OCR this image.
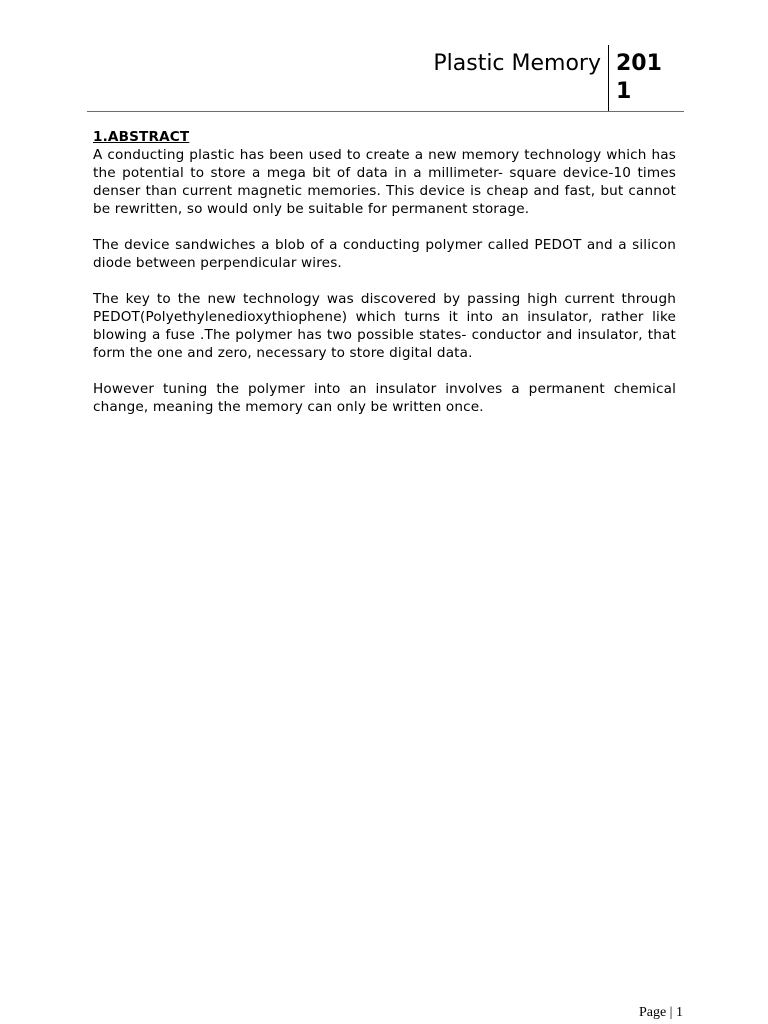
Plastic Memory 2011
1.ABSTRACT

A conducting plastic has been used to create a new memory technology which has the potential to store a mega bit of data in a millimeter- square device-10 times denser than current magnetic memories. This device is cheap and fast, but cannot be rewritten, so would only be suitable for permanent storage.

The device sandwiches a blob of a conducting polymer called PEDOT and a silicon diode between perpendicular wires.

The key to the new technology was discovered by passing high current through PEDOT(Polyethylenedioxythiophene) which turns it into an insulator, rather like blowing a fuse .The polymer has two possible states- conductor and insulator, that form the one and zero, necessary to store digital data.

However tuning the polymer into an insulator involves a permanent chemical change, meaning the memory can only be written once.

Page | 1
